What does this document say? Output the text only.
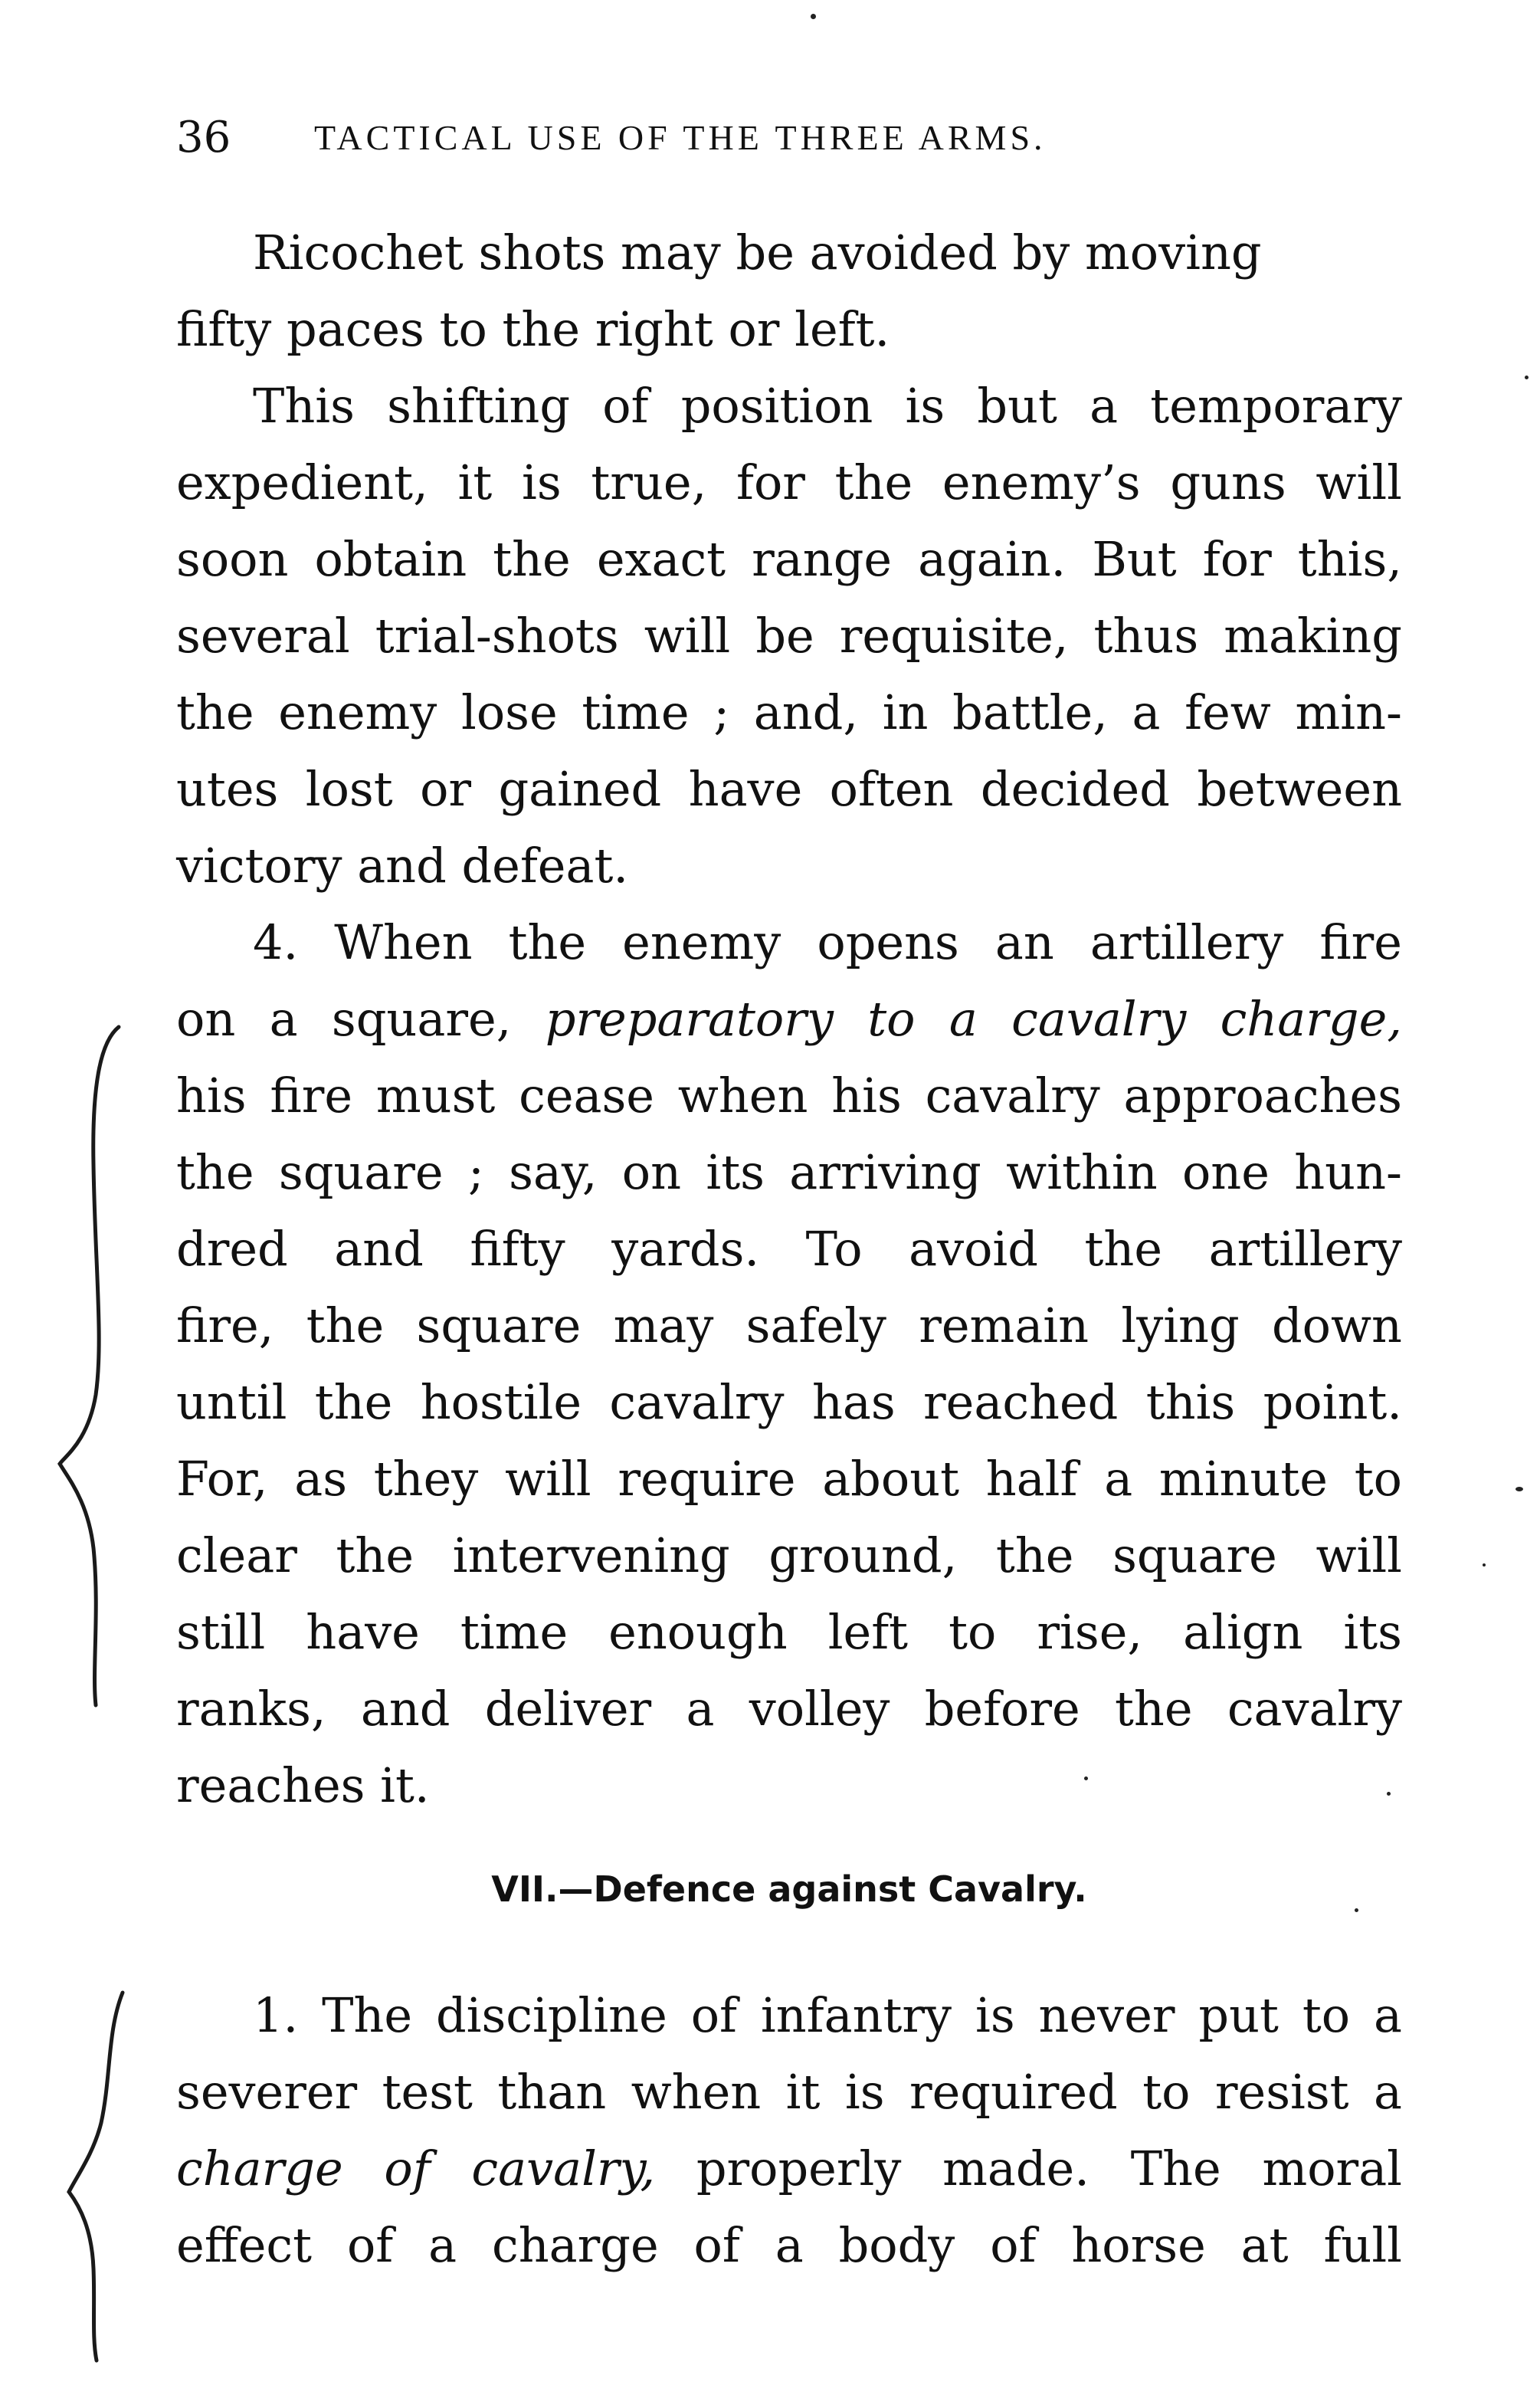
36 TACTICAL USE OF THE THREE ARMS.
Ricochet shots may be avoided by moving
fifty paces to the right or left.
This shifting of position is but a temporary
expedient, it is true, for the enemy’s guns will
soon obtain the exact range again. But for this,
several trial-shots will be requisite, thus making
the enemy lose time ; and, in battle, a few min-
utes lost or gained have often decided between
victory and defeat.
4. When the enemy opens an artillery fire
on a square, preparatory to a cavalry charge,
his fire must cease when his cavalry approaches
the square ; say, on its arriving within one hun-
dred and fifty yards. To avoid the artillery
fire, the square may safely remain lying down
until the hostile cavalry has reached this point.
For, as they will require about half a minute to
clear the intervening ground, the square will
still have time enough left to rise, align its
ranks, and deliver a volley before the cavalry
reaches it.
VII.—Defence against Cavalry.
1. The discipline of infantry is never put to a
severer test than when it is required to resist a
charge of cavalry, properly made. The moral
effect of a charge of a body of horse at full
